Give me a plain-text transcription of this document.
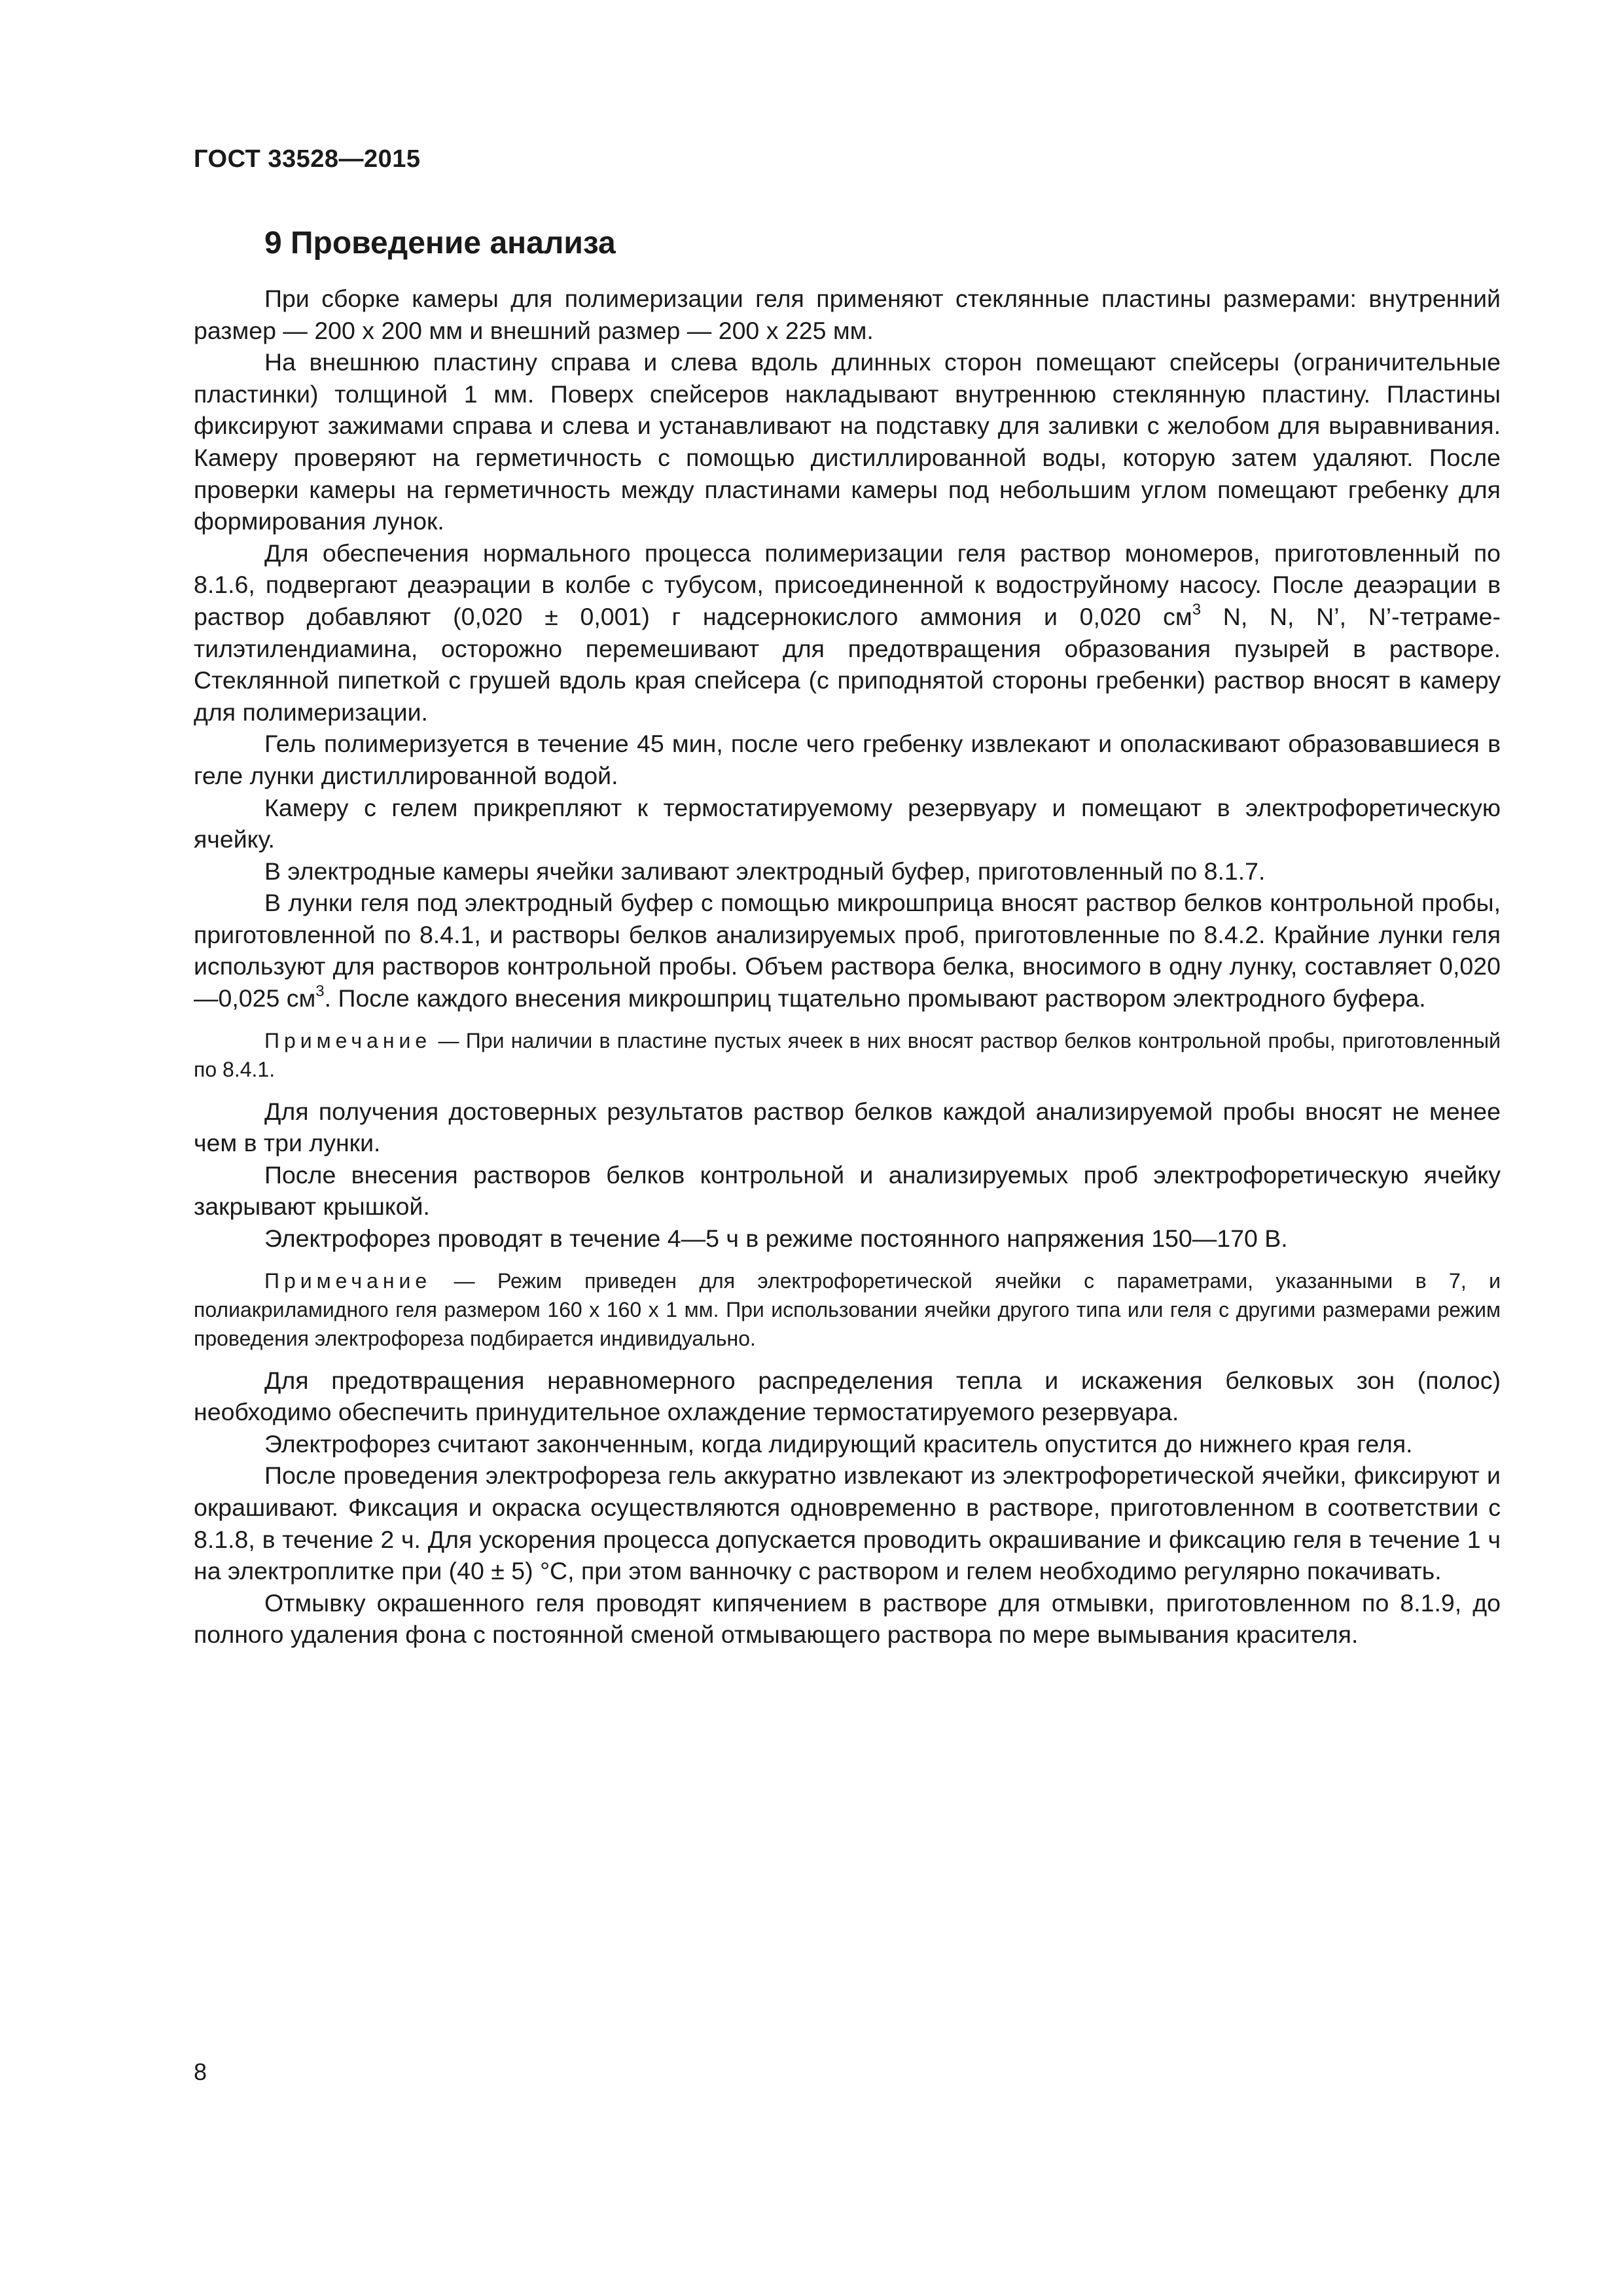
ГОСТ 33528—2015

9 Проведение анализа

При сборке камеры для полимеризации геля применяют стеклянные пластины размерами: внутренний размер — 200 х 200 мм и внешний размер — 200 х 225 мм.

На внешнюю пластину справа и слева вдоль длинных сторон помещают спейсеры (ограничительные пластинки) толщиной 1 мм. Поверх спейсеров накладывают внутреннюю стеклянную пластину. Пластины фиксируют зажимами справа и слева и устанавливают на подставку для заливки с желобом для выравнивания. Камеру проверяют на герметичность с помощью дистиллированной воды, которую затем удаляют. После проверки камеры на герметичность между пластинами камеры под небольшим углом помещают гребенку для формирования лунок.

Для обеспечения нормального процесса полимеризации геля раствор мономеров, приготовленный по 8.1.6, подвергают деаэрации в колбе с тубусом, присоединенной к водоструйному насосу. После деаэрации в раствор добавляют (0,020 ± 0,001) г надсернокислого аммония и 0,020 $см^3$ N, N, N’, N’-тетраме-тилэтилендиамина, осторожно перемешивают для предотвращения образования пузырей в растворе. Стеклянной пипеткой с грушей вдоль края спейсера (с приподнятой стороны гребенки) раствор вносят в камеру для полимеризации.

Гель полимеризуется в течение 45 мин, после чего гребенку извлекают и ополаскивают образовавшиеся в геле лунки дистиллированной водой.

Камеру с гелем прикрепляют к термостатируемому резервуару и помещают в электрофоретическую ячейку.

В электродные камеры ячейки заливают электродный буфер, приготовленный по 8.1.7.

В лунки геля под электродный буфер с помощью микрошприца вносят раствор белков контрольной пробы, приготовленной по 8.4.1, и растворы белков анализируемых проб, приготовленные по 8.4.2. Крайние лунки геля используют для растворов контрольной пробы. Объем раствора белка, вносимого в одну лунку, составляет 0,020—0,025 $см^3$. После каждого внесения микрошприц тщательно промывают раствором электродного буфера.

Примечание — При наличии в пластине пустых ячеек в них вносят раствор белков контрольной пробы, приготовленный по 8.4.1.

Для получения достоверных результатов раствор белков каждой анализируемой пробы вносят не менее чем в три лунки.

После внесения растворов белков контрольной и анализируемых проб электрофоретическую ячейку закрывают крышкой.

Электрофорез проводят в течение 4—5 ч в режиме постоянного напряжения 150—170 В.

Примечание — Режим приведен для электрофоретической ячейки с параметрами, указанными в 7, и полиакриламидного геля размером 160 х 160 х 1 мм. При использовании ячейки другого типа или геля с другими размерами режим проведения электрофореза подбирается индивидуально.

Для предотвращения неравномерного распределения тепла и искажения белковых зон (полос) необходимо обеспечить принудительное охлаждение термостатируемого резервуара.

Электрофорез считают законченным, когда лидирующий краситель опустится до нижнего края геля.

После проведения электрофореза гель аккуратно извлекают из электрофоретической ячейки, фиксируют и окрашивают. Фиксация и окраска осуществляются одновременно в растворе, приготовленном в соответствии с 8.1.8, в течение 2 ч. Для ускорения процесса допускается проводить окрашивание и фиксацию геля в течение 1 ч на электроплитке при (40 ± 5) °С, при этом ванночку с раствором и гелем необходимо регулярно покачивать.

Отмывку окрашенного геля проводят кипячением в растворе для отмывки, приготовленном по 8.1.9, до полного удаления фона с постоянной сменой отмывающего раствора по мере вымывания красителя.

8
